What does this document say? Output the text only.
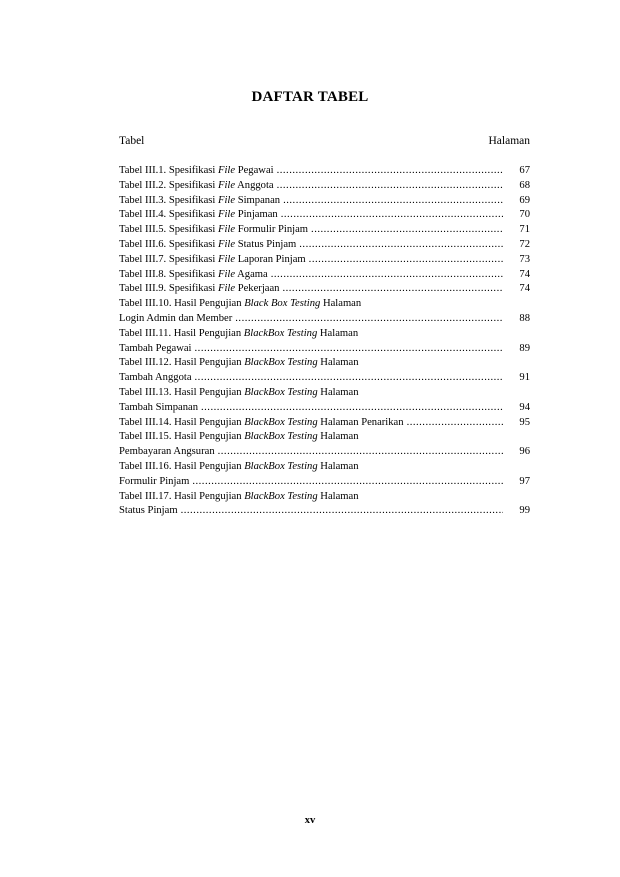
DAFTAR TABEL
Tabel	Halaman
Tabel III.1. Spesifikasi File Pegawai .....	67
Tabel III.2. Spesifikasi File Anggota .....	68
Tabel III.3. Spesifikasi File Simpanan .....	69
Tabel III.4. Spesifikasi File Pinjaman .....	70
Tabel III.5. Spesifikasi File Formulir Pinjam .....	71
Tabel III.6. Spesifikasi File Status Pinjam .....	72
Tabel III.7. Spesifikasi File Laporan Pinjam .....	73
Tabel III.8. Spesifikasi File Agama .....	74
Tabel III.9. Spesifikasi File Pekerjaan .....	74
Tabel III.10. Hasil Pengujian Black Box Testing Halaman
Login Admin dan Member .....	88
Tabel III.11. Hasil Pengujian BlackBox Testing Halaman
Tambah Pegawai .....	89
Tabel III.12. Hasil Pengujian BlackBox Testing Halaman
Tambah Anggota .....	91
Tabel III.13. Hasil Pengujian BlackBox Testing Halaman
Tambah Simpanan .....	94
Tabel III.14. Hasil Pengujian BlackBox Testing Halaman Penarikan .....	95
Tabel III.15. Hasil Pengujian BlackBox Testing Halaman
Pembayaran Angsuran .....	96
Tabel III.16. Hasil Pengujian BlackBox Testing Halaman
Formulir Pinjam .....	97
Tabel III.17. Hasil Pengujian BlackBox Testing Halaman
Status Pinjam .....	99
xv
